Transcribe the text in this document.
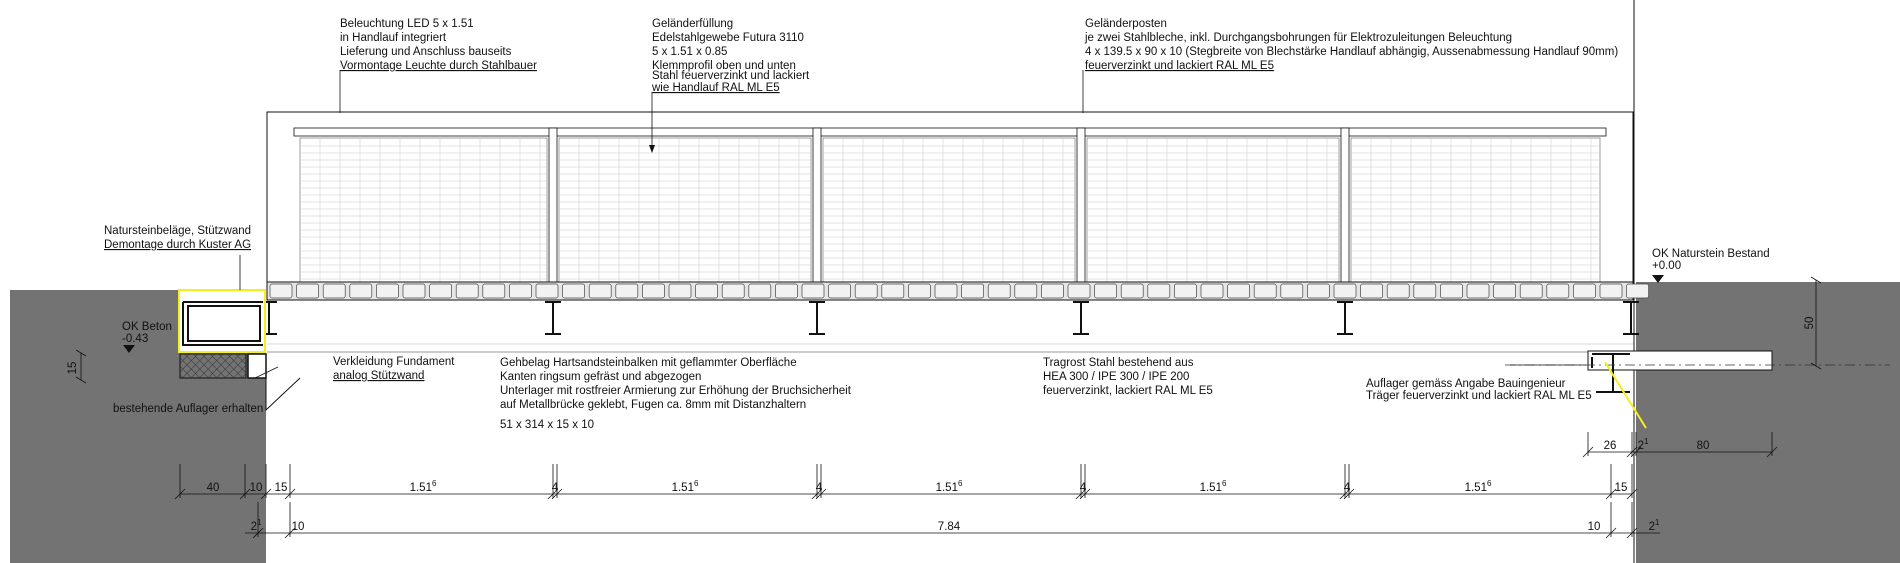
Beleuchtung LED 5 x 1.51
in Handlauf integriert
Lieferung und Anschluss bauseits
Vormontage Leuchte durch Stahlbauer
Geländerfüllung
Edelstahlgewebe Futura 3110
5 x 1.51 x 0.85
Klemmprofil oben und unten
Stahl feuerverzinkt und lackiert
wie Handlauf RAL ML E5
Geländerposten
je zwei Stahlbleche, inkl. Durchgangsbohrungen für Elektrozuleitungen Beleuchtung
4 x 139.5 x 90 x 10 (Stegbreite von Blechstärke Handlauf abhängig, Aussenabmessung Handlauf 90mm)
feuerverzinkt und lackiert RAL ML E5
Natursteinbeläge, Stützwand
Demontage durch Kuster AG
OK Naturstein Bestand
+0.00
OK Beton
-0.43
Verkleidung Fundament
analog Stützwand
bestehende Auflager erhalten
Gehbelag Hartsandsteinbalken mit geflammter Oberfläche
Kanten ringsum gefräst und abgezogen
Unterlager mit rostfreier Armierung zur Erhöhung der Bruchsicherheit
auf Metallbrücke geklebt, Fugen ca. 8mm mit Distanzhaltern
51 x 314 x 15 x 10
Tragrost Stahl bestehend aus
HEA 300 / IPE 300 / IPE 200
feuerverzinkt, lackiert RAL ML E5
Auflager gemäss Angabe Bauingenieur
Träger feuerverzinkt und lackiert RAL ML E5
15
50
40	10 15	15
26 $2^1$	80
$2^1$	10	7.84	10	$2^1$
1.51$^6$	1.51$^6$	1.51$^6$	1.51$^6$	1.51$^6$
4	4	4	4
